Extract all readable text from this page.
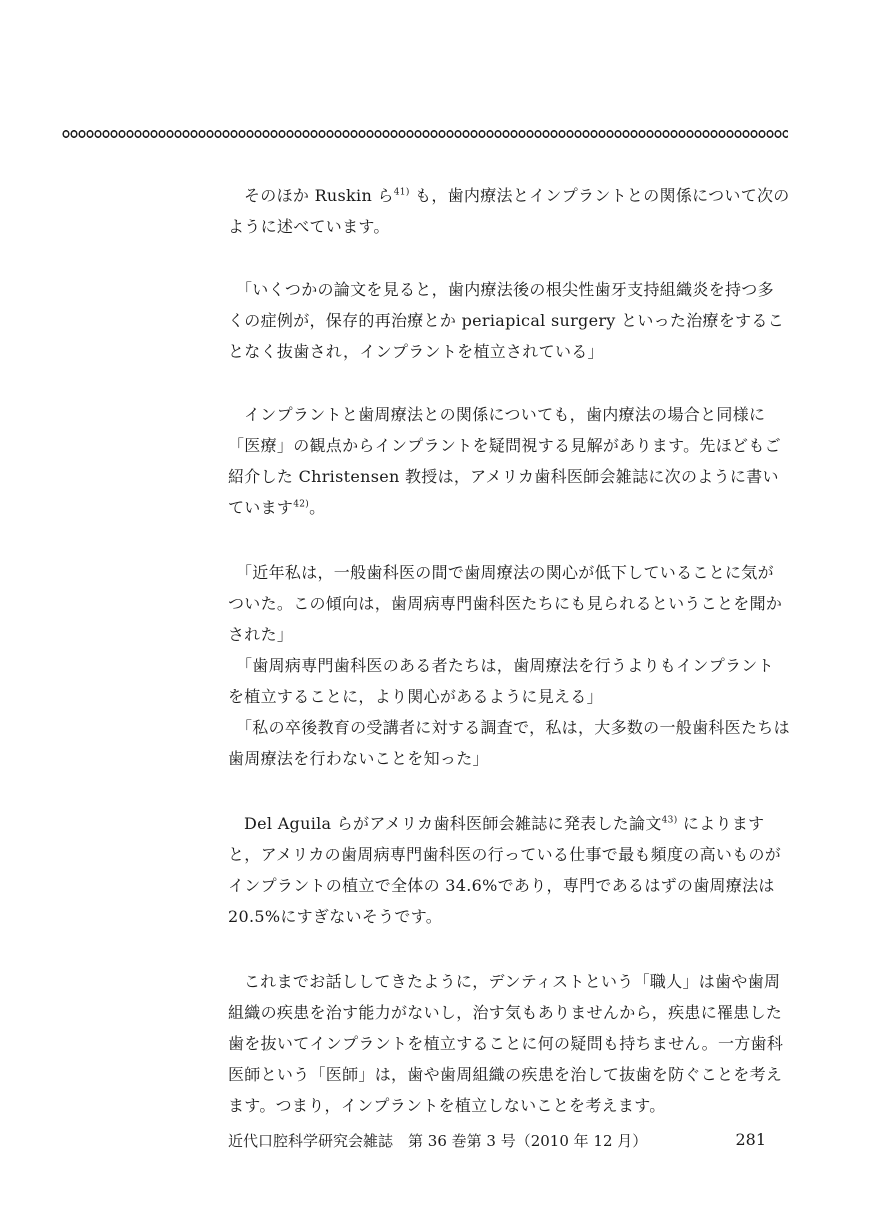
そのほか Ruskin ら$^{41)}$ も，歯内療法とインプラントとの関係について次のように述べています。

「いくつかの論文を見ると，歯内療法後の根尖性歯牙支持組織炎を持つ多くの症例が，保存的再治療とか periapical surgery といった治療をすることなく抜歯され，インプラントを植立されている」

インプラントと歯周療法との関係についても，歯内療法の場合と同様に「医療」の観点からインプラントを疑問視する見解があります。先ほどもご紹介した Christensen 教授は，アメリカ歯科医師会雑誌に次のように書いています$^{42)}$。

「近年私は，一般歯科医の間で歯周療法の関心が低下していることに気がついた。この傾向は，歯周病専門歯科医たちにも見られるということを聞かされた」

「歯周病専門歯科医のある者たちは，歯周療法を行うよりもインプラントを植立することに，より関心があるように見える」

「私の卒後教育の受講者に対する調査で，私は，大多数の一般歯科医たちは歯周療法を行わないことを知った」

Del Aguila らがアメリカ歯科医師会雑誌に発表した論文$^{43)}$ によりますと，アメリカの歯周病専門歯科医の行っている仕事で最も頻度の高いものがインプラントの植立で全体の 34.6%であり，専門であるはずの歯周療法は 20.5%にすぎないそうです。

これまでお話ししてきたように，デンティストという「職人」は歯や歯周組織の疾患を治す能力がないし，治す気もありませんから，疾患に罹患した歯を抜いてインプラントを植立することに何の疑問も持ちません。一方歯科医師という「医師」は，歯や歯周組織の疾患を治して抜歯を防ぐことを考えます。つまり，インプラントを植立しないことを考えます。

近代口腔科学研究会雑誌　第 36 巻第 3 号（2010 年 12 月）	281
